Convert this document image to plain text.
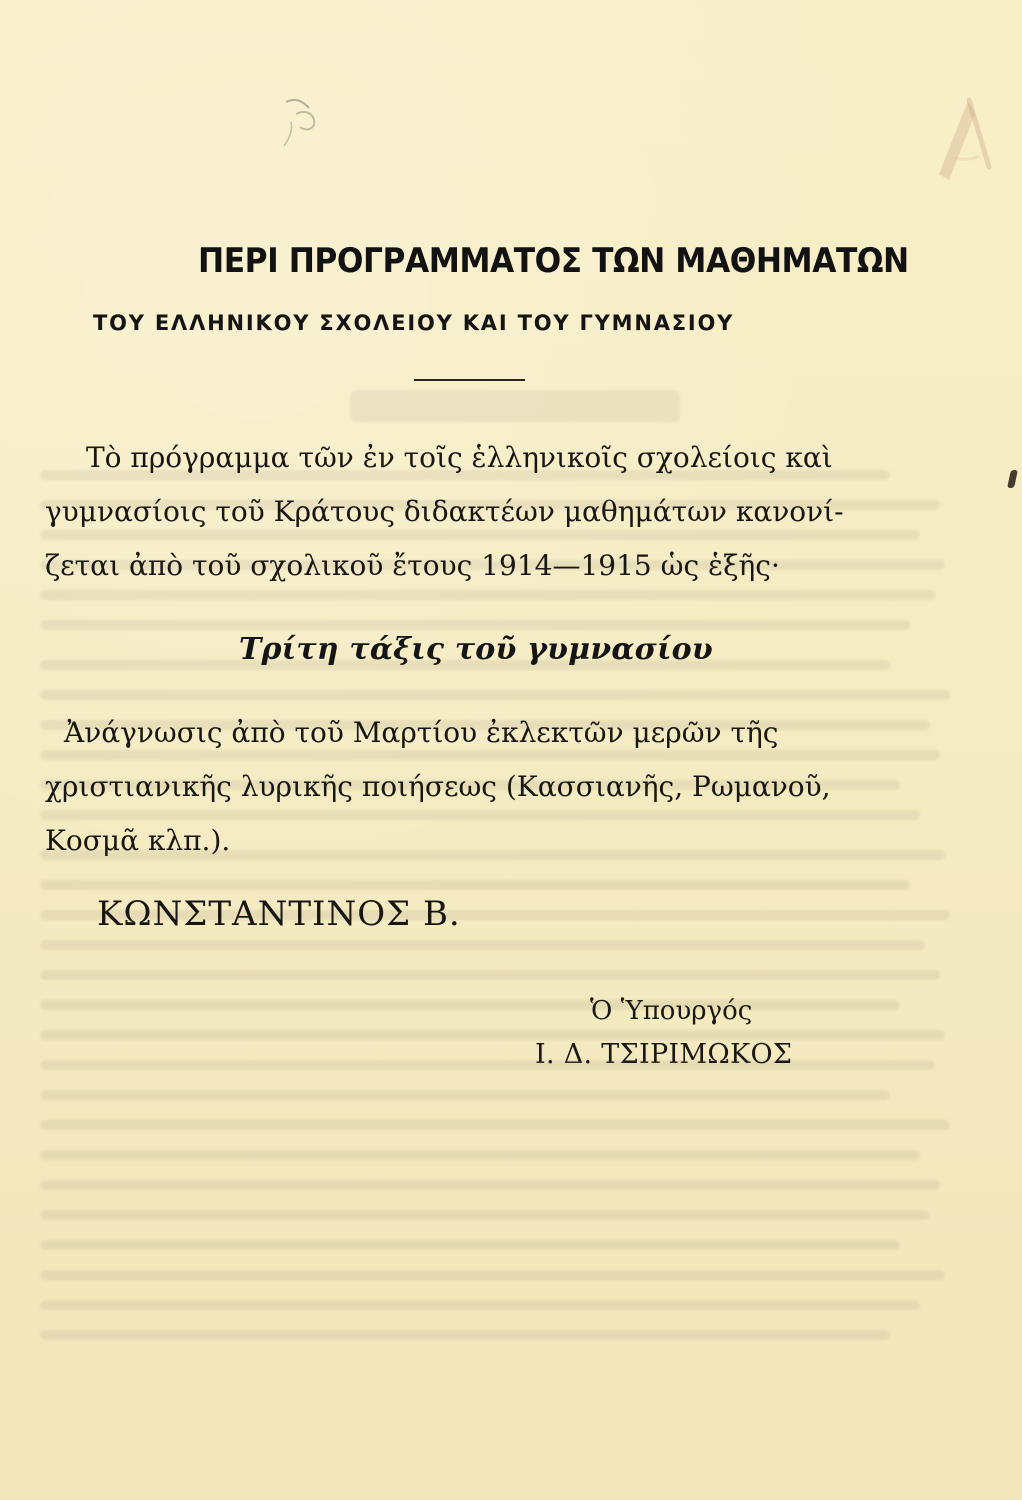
ΠΕΡΙ ΠΡΟΓΡΑΜΜΑΤΟΣ ΤΩΝ ΜΑΘΗΜΑΤΩΝ
ΤΟΥ ΕΛΛΗΝΙΚΟΥ ΣΧΟΛΕΙΟΥ ΚΑΙ ΤΟΥ ΓΥΜΝΑΣΙΟΥ

Τὸ πρόγραμμα τῶν ἐν τοῖς ἑλληνικοῖς σχολείοις καὶ

γυμνασίοις τοῦ Κράτους διδακτέων μαθημάτων κανονί-

ζεται ἀπὸ τοῦ σχολικοῦ ἔτους 1914—1915 ὡς ἑξῆς·

Τρίτη τάξις τοῦ γυμνασίου

Ἀνάγνωσις ἀπὸ τοῦ Μαρτίου ἐκλεκτῶν μερῶν τῆς

χριστιανικῆς λυρικῆς ποιήσεως (Κασσιανῆς, Ρωμανοῦ,

Κοσμᾶ κλπ.).

ΚΩΝΣΤΑΝΤΙΝΟΣ Β.

Ὁ Ὑπουργός

Ι. Δ. ΤΣΙΡΙΜΩΚΟΣ
